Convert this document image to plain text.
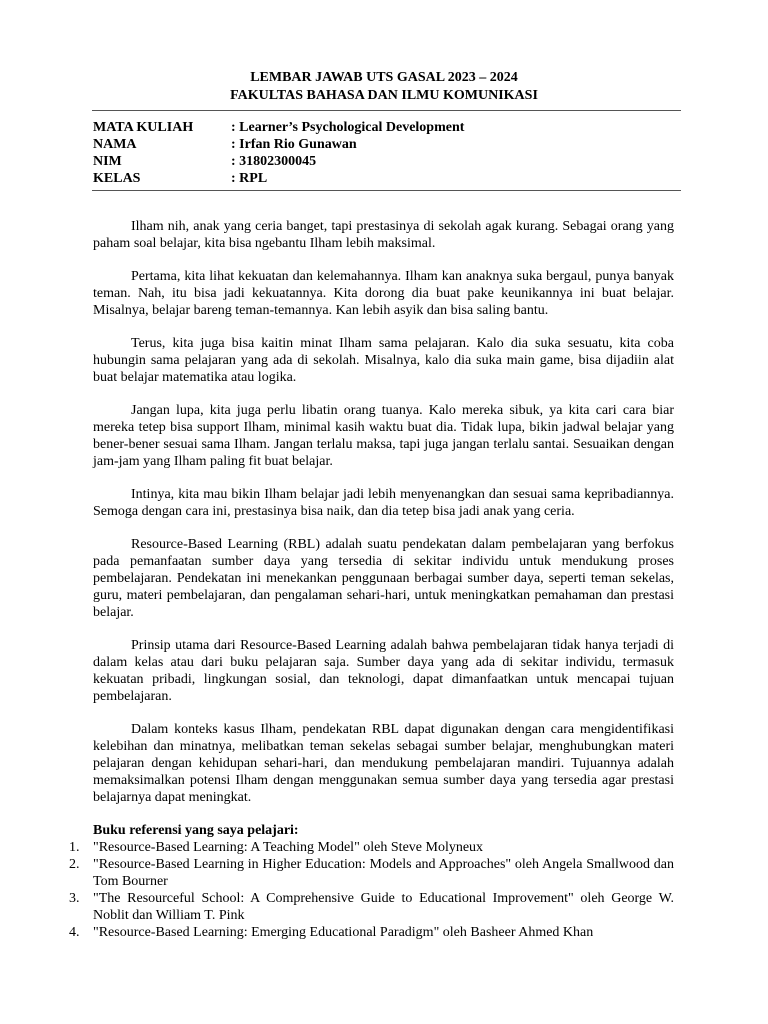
LEMBAR JAWAB UTS GASAL 2023 – 2024
FAKULTAS BAHASA DAN ILMU KOMUNIKASI
MATA KULIAH	: Learner’s Psychological Development
NAMA	: Irfan Rio Gunawan
NIM	: 31802300045
KELAS	: RPL

Ilham nih, anak yang ceria banget, tapi prestasinya di sekolah agak kurang. Sebagai orang yang paham soal belajar, kita bisa ngebantu Ilham lebih maksimal.

Pertama, kita lihat kekuatan dan kelemahannya. Ilham kan anaknya suka bergaul, punya banyak teman. Nah, itu bisa jadi kekuatannya. Kita dorong dia buat pake keunikannya ini buat belajar. Misalnya, belajar bareng teman-temannya. Kan lebih asyik dan bisa saling bantu.

Terus, kita juga bisa kaitin minat Ilham sama pelajaran. Kalo dia suka sesuatu, kita coba hubungin sama pelajaran yang ada di sekolah. Misalnya, kalo dia suka main game, bisa dijadiin alat buat belajar matematika atau logika.

Jangan lupa, kita juga perlu libatin orang tuanya. Kalo mereka sibuk, ya kita cari cara biar mereka tetep bisa support Ilham, minimal kasih waktu buat dia. Tidak lupa, bikin jadwal belajar yang bener-bener sesuai sama Ilham. Jangan terlalu maksa, tapi juga jangan terlalu santai. Sesuaikan dengan jam-jam yang Ilham paling fit buat belajar.

Intinya, kita mau bikin Ilham belajar jadi lebih menyenangkan dan sesuai sama kepribadiannya. Semoga dengan cara ini, prestasinya bisa naik, dan dia tetep bisa jadi anak yang ceria.

Resource-Based Learning (RBL) adalah suatu pendekatan dalam pembelajaran yang berfokus pada pemanfaatan sumber daya yang tersedia di sekitar individu untuk mendukung proses pembelajaran. Pendekatan ini menekankan penggunaan berbagai sumber daya, seperti teman sekelas, guru, materi pembelajaran, dan pengalaman sehari-hari, untuk meningkatkan pemahaman dan prestasi belajar.

Prinsip utama dari Resource-Based Learning adalah bahwa pembelajaran tidak hanya terjadi di dalam kelas atau dari buku pelajaran saja. Sumber daya yang ada di sekitar individu, termasuk kekuatan pribadi, lingkungan sosial, dan teknologi, dapat dimanfaatkan untuk mencapai tujuan pembelajaran.

Dalam konteks kasus Ilham, pendekatan RBL dapat digunakan dengan cara mengidentifikasi kelebihan dan minatnya, melibatkan teman sekelas sebagai sumber belajar, menghubungkan materi pelajaran dengan kehidupan sehari-hari, dan mendukung pembelajaran mandiri. Tujuannya adalah memaksimalkan potensi Ilham dengan menggunakan semua sumber daya yang tersedia agar prestasi belajarnya dapat meningkat.

Buku referensi yang saya pelajari:

1. "Resource-Based Learning: A Teaching Model" oleh Steve Molyneux
2. "Resource-Based Learning in Higher Education: Models and Approaches" oleh Angela Smallwood dan Tom Bourner
3. "The Resourceful School: A Comprehensive Guide to Educational Improvement" oleh George W. Noblit dan William T. Pink
4. "Resource-Based Learning: Emerging Educational Paradigm" oleh Basheer Ahmed Khan
